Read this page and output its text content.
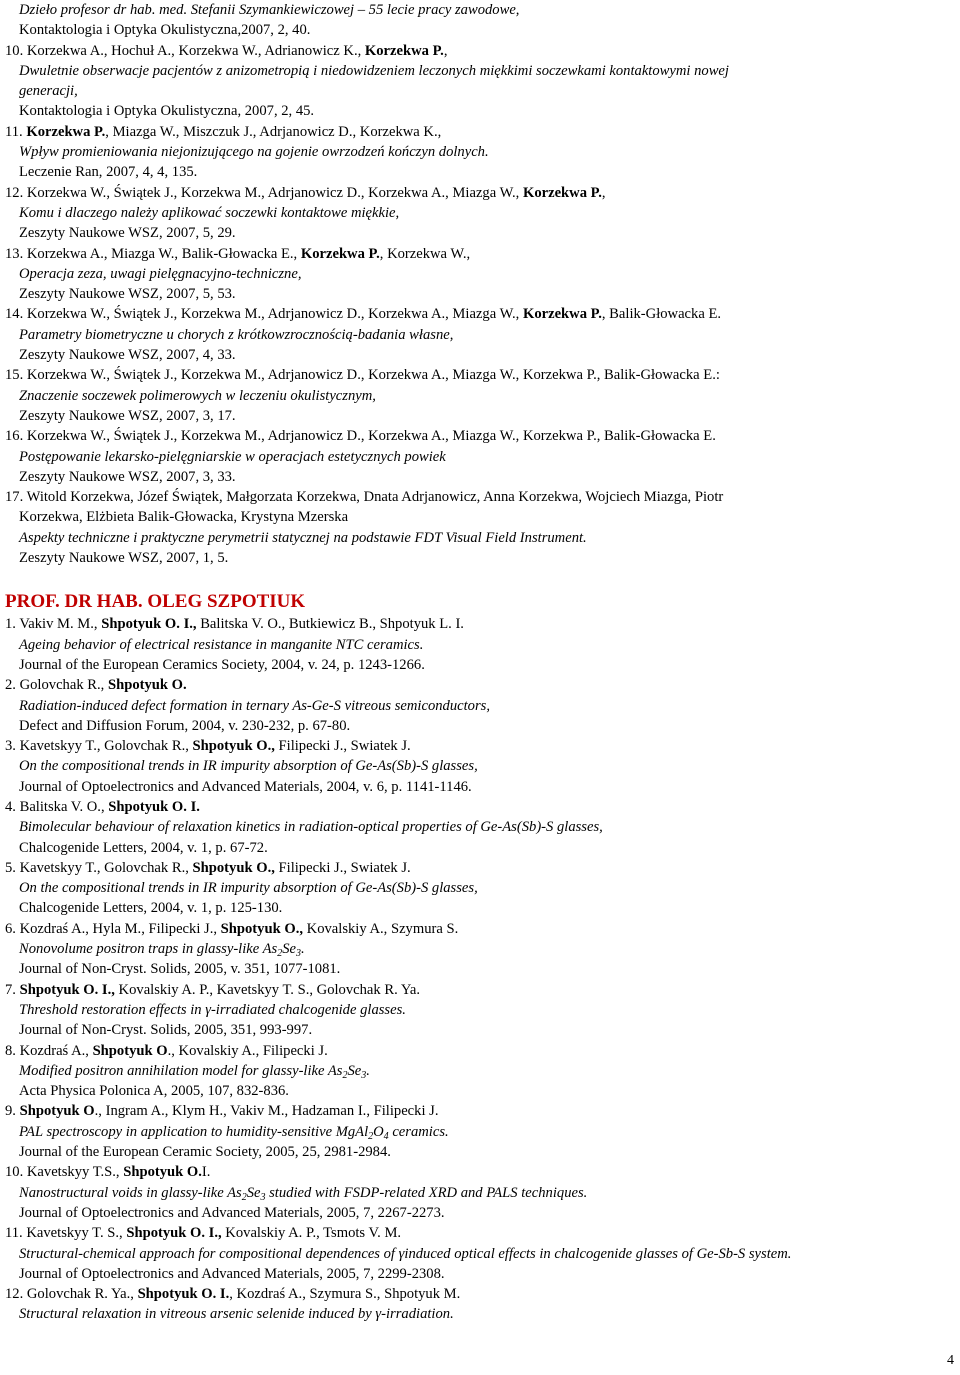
Dzieło profesor dr hab. med. Stefanii Szymankiewiczowej – 55 lecie pracy zawodowe,
Kontaktologia i Optyka Okulistyczna,2007, 2, 40.
10. Korzekwa A., Hochuł A., Korzekwa W., Adrianowicz K., Korzekwa P.,
Dwuletnie obserwacje pacjentów z anizometropią i niedowidzeniem leczonych miękkimi soczewkami kontaktowymi nowej
generacji,
Kontaktologia i Optyka Okulistyczna, 2007, 2, 45.
11. Korzekwa P., Miazga W., Miszczuk J., Adrjanowicz D., Korzekwa K.,
Wpływ promieniowania niejonizującego na gojenie owrzodzeń kończyn dolnych.
Leczenie Ran, 2007, 4, 4, 135.
12. Korzekwa W., Świątek J., Korzekwa M., Adrjanowicz D., Korzekwa A., Miazga W., Korzekwa P.,
Komu i dlaczego należy aplikować soczewki kontaktowe miękkie,
Zeszyty Naukowe WSZ, 2007, 5, 29.
13. Korzekwa A., Miazga W., Balik-Głowacka E., Korzekwa P., Korzekwa W.,
Operacja zeza, uwagi pielęgnacyjno-techniczne,
Zeszyty Naukowe WSZ, 2007, 5, 53.
14. Korzekwa W., Świątek J., Korzekwa M., Adrjanowicz D., Korzekwa A., Miazga W., Korzekwa P., Balik-Głowacka E.
Parametry biometryczne u chorych z krótkowzrocznością-badania własne,
Zeszyty Naukowe WSZ, 2007, 4, 33.
15. Korzekwa W., Świątek J., Korzekwa M., Adrjanowicz D., Korzekwa A., Miazga W., Korzekwa P., Balik-Głowacka E.:
Znaczenie soczewek polimerowych w leczeniu okulistycznym,
Zeszyty Naukowe WSZ, 2007, 3, 17.
16. Korzekwa W., Świątek J., Korzekwa M., Adrjanowicz D., Korzekwa A., Miazga W., Korzekwa P., Balik-Głowacka E.
Postępowanie lekarsko-pielęgniarskie w operacjach estetycznych powiek
Zeszyty Naukowe WSZ, 2007, 3, 33.
17. Witold Korzekwa, Józef Świątek, Małgorzata Korzekwa, Dnata Adrjanowicz, Anna Korzekwa, Wojciech Miazga, Piotr
Korzekwa, Elżbieta Balik-Głowacka, Krystyna Mzerska
Aspekty techniczne i praktyczne perymetrii statycznej na podstawie FDT Visual Field Instrument.
Zeszyty Naukowe WSZ, 2007, 1, 5.
PROF. DR HAB. OLEG SZPOTIUK
1. Vakiv M. M., Shpotyuk O. I., Balitska V. O., Butkiewicz B., Shpotyuk L. I.
Ageing behavior of electrical resistance in manganite NTC ceramics.
Journal of the European Ceramics Society, 2004, v. 24, p. 1243-1266.
2. Golovchak R., Shpotyuk O.
Radiation-induced defect formation in ternary As-Ge-S vitreous semiconductors,
Defect and Diffusion Forum, 2004, v. 230-232, p. 67-80.
3. Kavetskyy T., Golovchak R., Shpotyuk O., Filipecki J., Swiatek J.
On the compositional trends in IR impurity absorption of Ge-As(Sb)-S glasses,
Journal of Optoelectronics and Advanced Materials, 2004, v. 6, p. 1141-1146.
4. Balitska V. O., Shpotyuk O. I.
Bimolecular behaviour of relaxation kinetics in radiation-optical properties of Ge-As(Sb)-S glasses,
Chalcogenide Letters, 2004, v. 1, p. 67-72.
5. Kavetskyy T., Golovchak R., Shpotyuk O., Filipecki J., Swiatek J.
On the compositional trends in IR impurity absorption of Ge-As(Sb)-S glasses,
Chalcogenide Letters, 2004, v. 1, p. 125-130.
6. Kozdraś A., Hyla M., Filipecki J., Shpotyuk O., Kovalskiy A., Szymura S.
Nonovolume positron traps in glassy-like $As_2Se_3$.
Journal of Non-Cryst. Solids, 2005, v. 351, 1077-1081.
7. Shpotyuk O. I., Kovalskiy A. P., Kavetskyy T. S., Golovchak R. Ya.
Threshold restoration effects in γ-irradiated chalcogenide glasses.
Journal of Non-Cryst. Solids, 2005, 351, 993-997.
8. Kozdraś A., Shpotyuk O., Kovalskiy A., Filipecki J.
Modified positron annihilation model for glassy-like $As_2Se_3$.
Acta Physica Polonica A, 2005, 107, 832-836.
9. Shpotyuk O., Ingram A., Klym H., Vakiv M., Hadzaman I., Filipecki J.
PAL spectroscopy in application to humidity-sensitive $MgAl_2O_4$ ceramics.
Journal of the European Ceramic Society, 2005, 25, 2981-2984.
10. Kavetskyy T.S., Shpotyuk O.I.
Nanostructural voids in glassy-like $As_2Se_3$ studied with FSDP-related XRD and PALS techniques.
Journal of Optoelectronics and Advanced Materials, 2005, 7, 2267-2273.
11. Kavetskyy T. S., Shpotyuk O. I., Kovalskiy A. P., Tsmots V. M.
Structural-chemical approach for compositional dependences of γinduced optical effects in chalcogenide glasses of Ge-Sb-S system.
Journal of Optoelectronics and Advanced Materials, 2005, 7, 2299-2308.
12. Golovchak R. Ya., Shpotyuk O. I., Kozdraś A., Szymura S., Shpotyuk M.
Structural relaxation in vitreous arsenic selenide induced by γ-irradiation.
4
